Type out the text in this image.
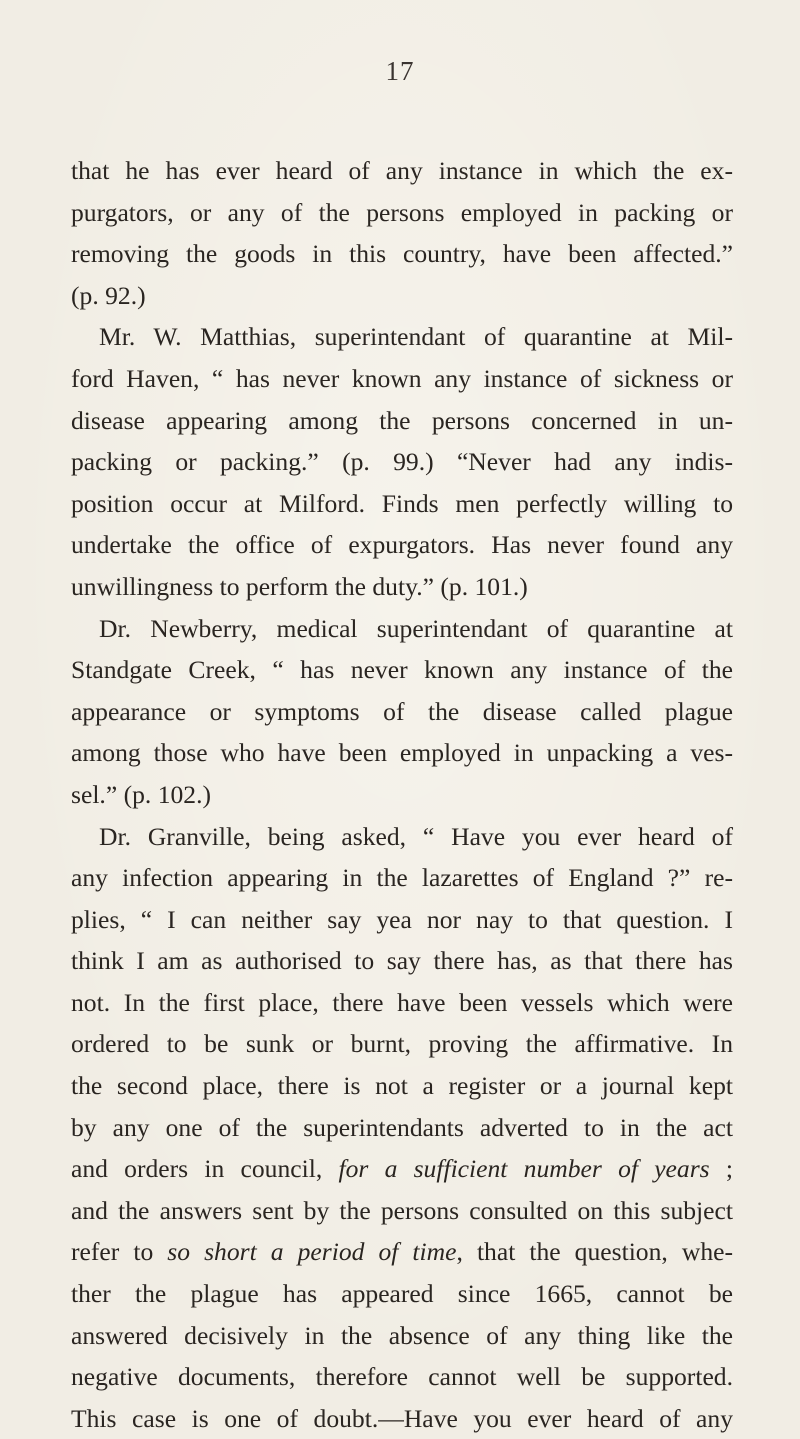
17
that he has ever heard of any instance in which the ex-
purgators, or any of the persons employed in packing or
removing the goods in this country, have been affected.”
(p. 92.)
Mr. W. Matthias, superintendant of quarantine at Mil-
ford Haven, “ has never known any instance of sickness or
disease appearing among the persons concerned in un-
packing or packing.” (p. 99.) “Never had any indis-
position occur at Milford. Finds men perfectly willing to
undertake the office of expurgators. Has never found any
unwillingness to perform the duty.” (p. 101.)
Dr. Newberry, medical superintendant of quarantine at
Standgate Creek, “ has never known any instance of the
appearance or symptoms of the disease called plague
among those who have been employed in unpacking a ves-
sel.” (p. 102.)
Dr. Granville, being asked, “ Have you ever heard of
any infection appearing in the lazarettes of England ?” re-
plies, “ I can neither say yea nor nay to that question. I
think I am as authorised to say there has, as that there has
not. In the first place, there have been vessels which were
ordered to be sunk or burnt, proving the affirmative. In
the second place, there is not a register or a journal kept
by any one of the superintendants adverted to in the act
and orders in council, for a sufficient number of years ;
and the answers sent by the persons consulted on this subject
refer to so short a period of time, that the question, whe-
ther the plague has appeared since 1665, cannot be
answered decisively in the absence of any thing like the
negative documents, therefore cannot well be supported.
This case is one of doubt.—Have you ever heard of any
